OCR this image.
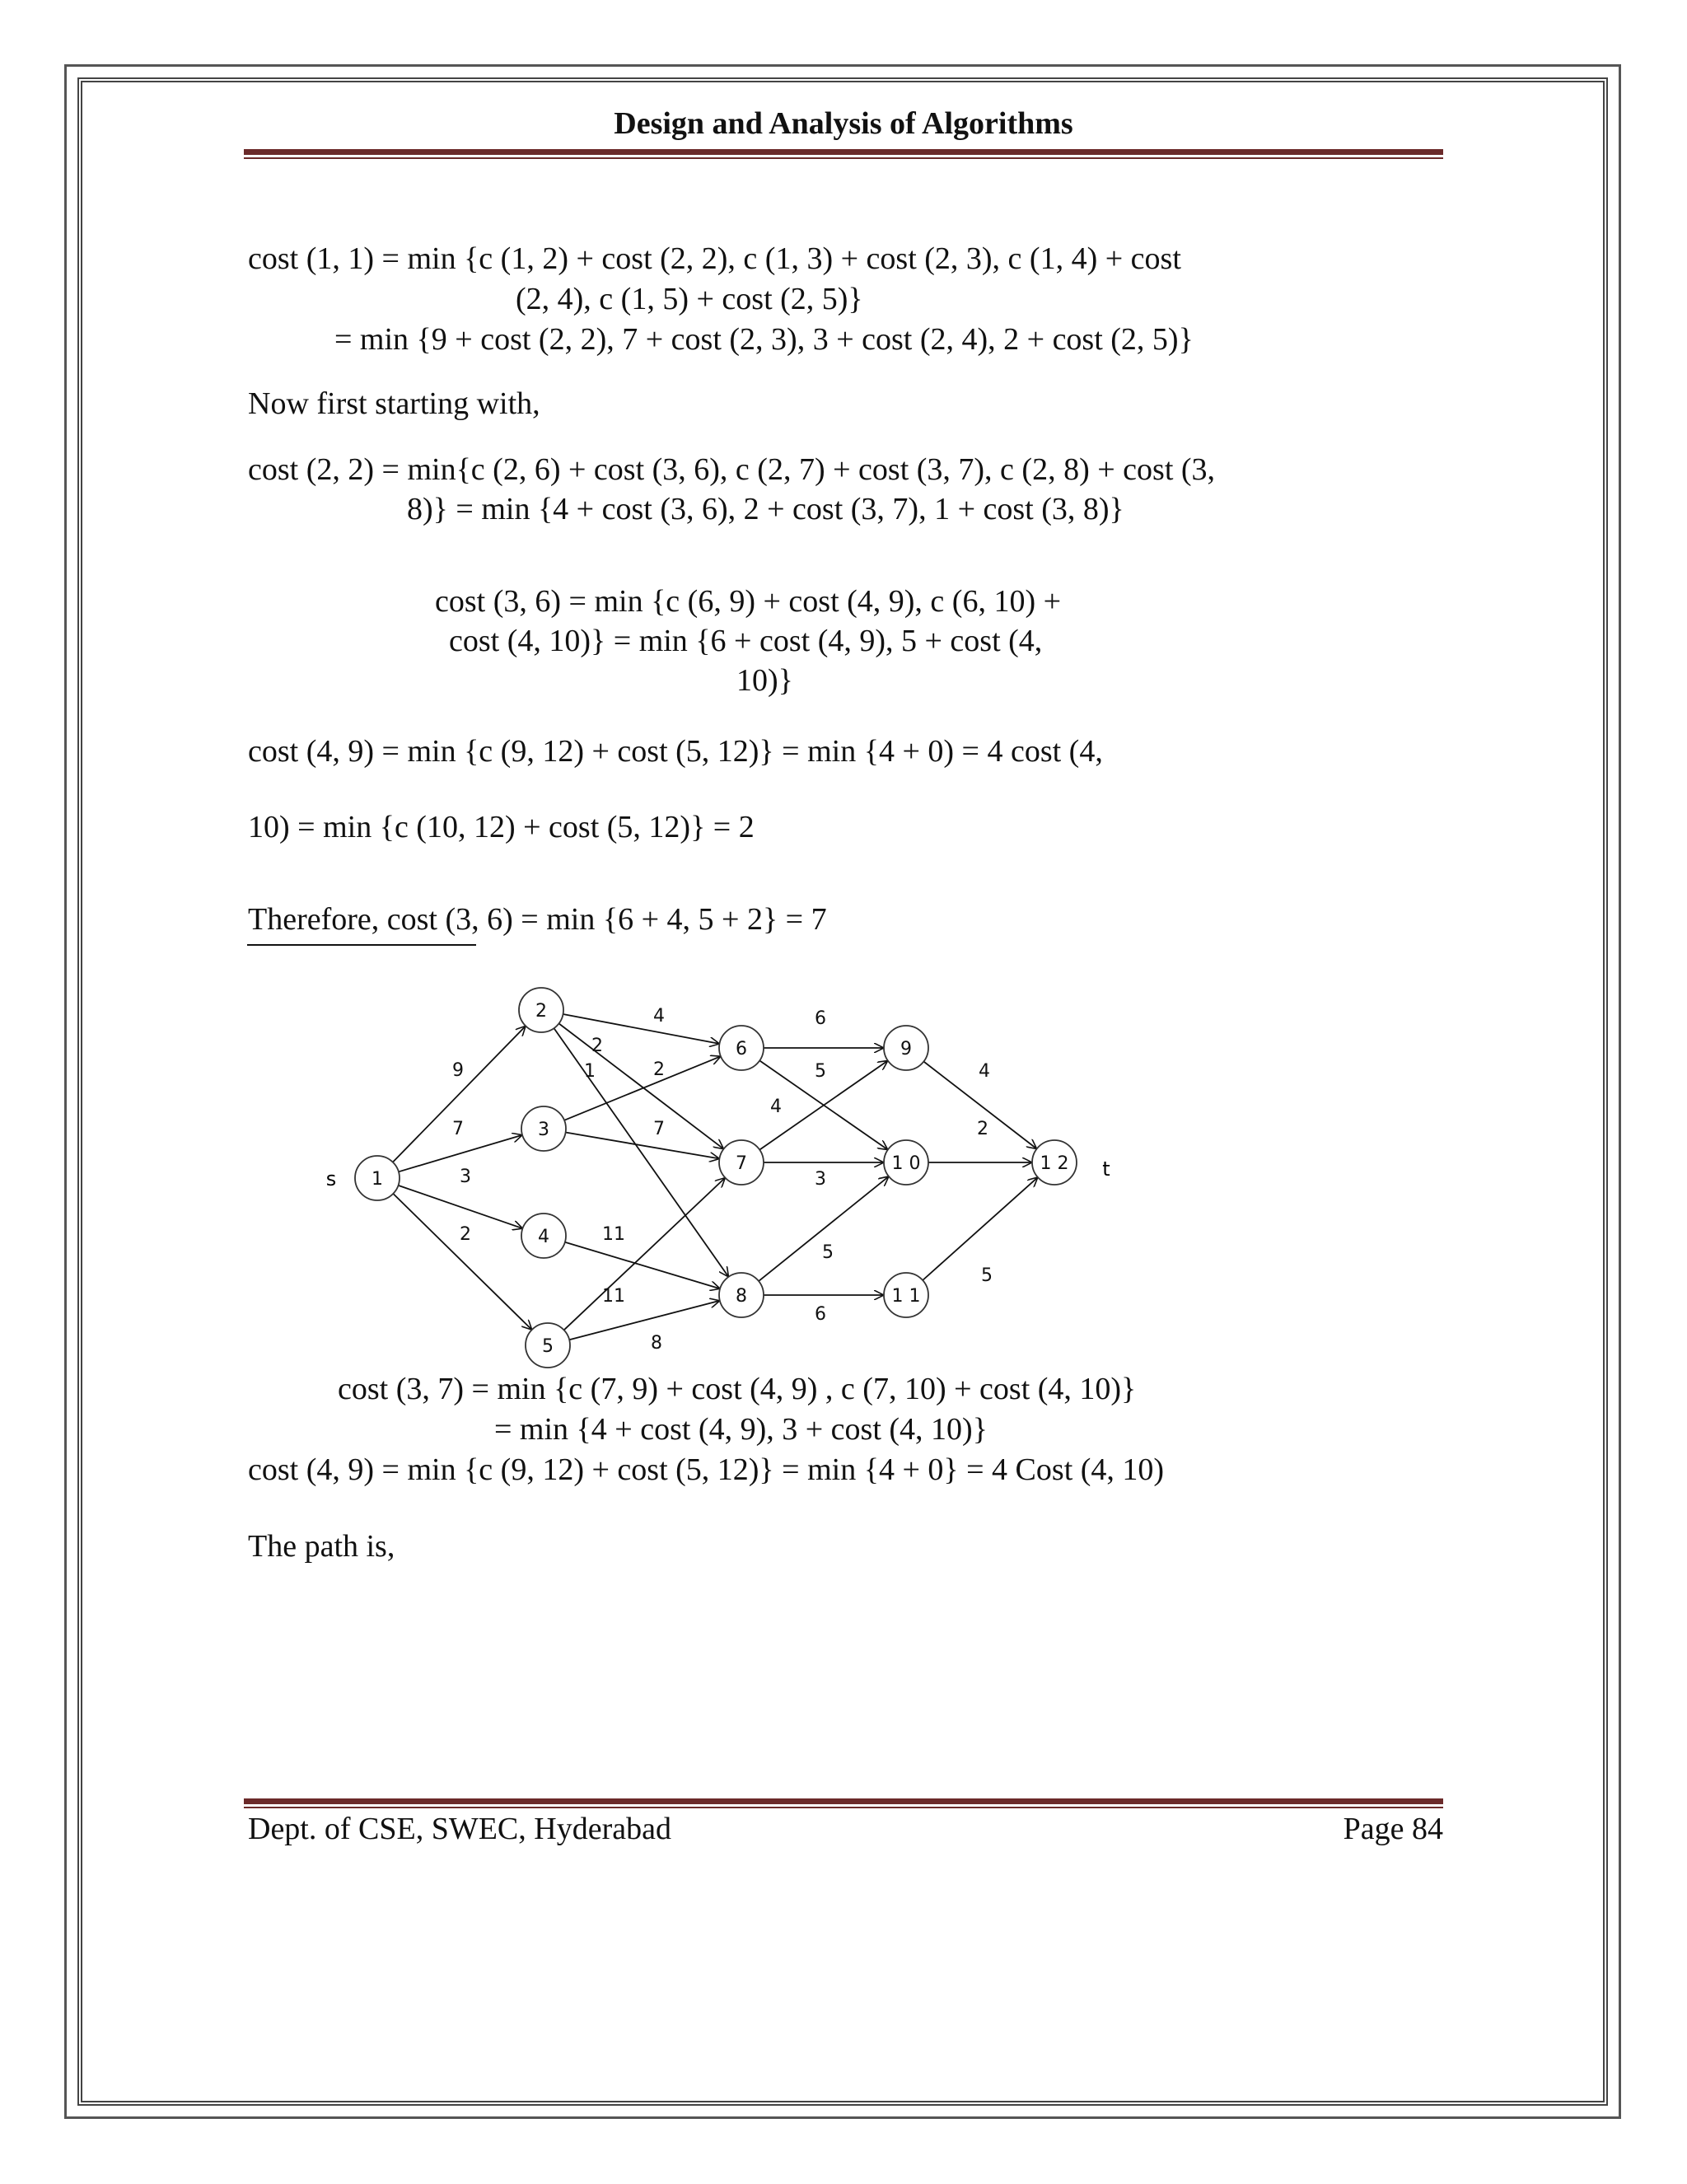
Design and Analysis of Algorithms
cost (1, 1) = min {c (1, 2) + cost (2, 2), c (1, 3) + cost (2, 3), c (1, 4) + cost
(2, 4), c (1, 5) + cost (2, 5)}
= min {9 + cost (2, 2), 7 + cost (2, 3), 3 + cost (2, 4), 2 + cost (2, 5)}
Now first starting with,
cost (2, 2) = min{c (2, 6) + cost (3, 6), c (2, 7) + cost (3, 7), c (2, 8) + cost (3,
8)} = min {4 + cost (3, 6), 2 + cost (3, 7), 1 + cost (3, 8)}
cost (3, 6) = min {c (6, 9) + cost (4, 9), c (6, 10) +
cost (4, 10)} = min {6 + cost (4, 9), 5 + cost (4,
10)}
cost (4, 9) = min {c (9, 12) + cost (5, 12)} = min {4 + 0) = 4 cost (4,
10) = min {c (10, 12) + cost (5, 12)} = 2
Therefore, cost (3, 6) = min {6 + 4, 5 + 2} = 7
1
2
3
4
5
6
7
8
9
1 0
1 1
1 2
9
7
3
2
4
2
1	2
7
11
11
8
6
5
4
3
5
6
4
2
5
s	t
cost (3, 7) = min {c (7, 9) + cost (4, 9) , c (7, 10) + cost (4, 10)}
= min {4 + cost (4, 9), 3 + cost (4, 10)}
cost (4, 9) = min {c (9, 12) + cost (5, 12)} = min {4 + 0} = 4 Cost (4, 10)
The path is,
Dept. of CSE, SWEC, Hyderabad	Page 84
